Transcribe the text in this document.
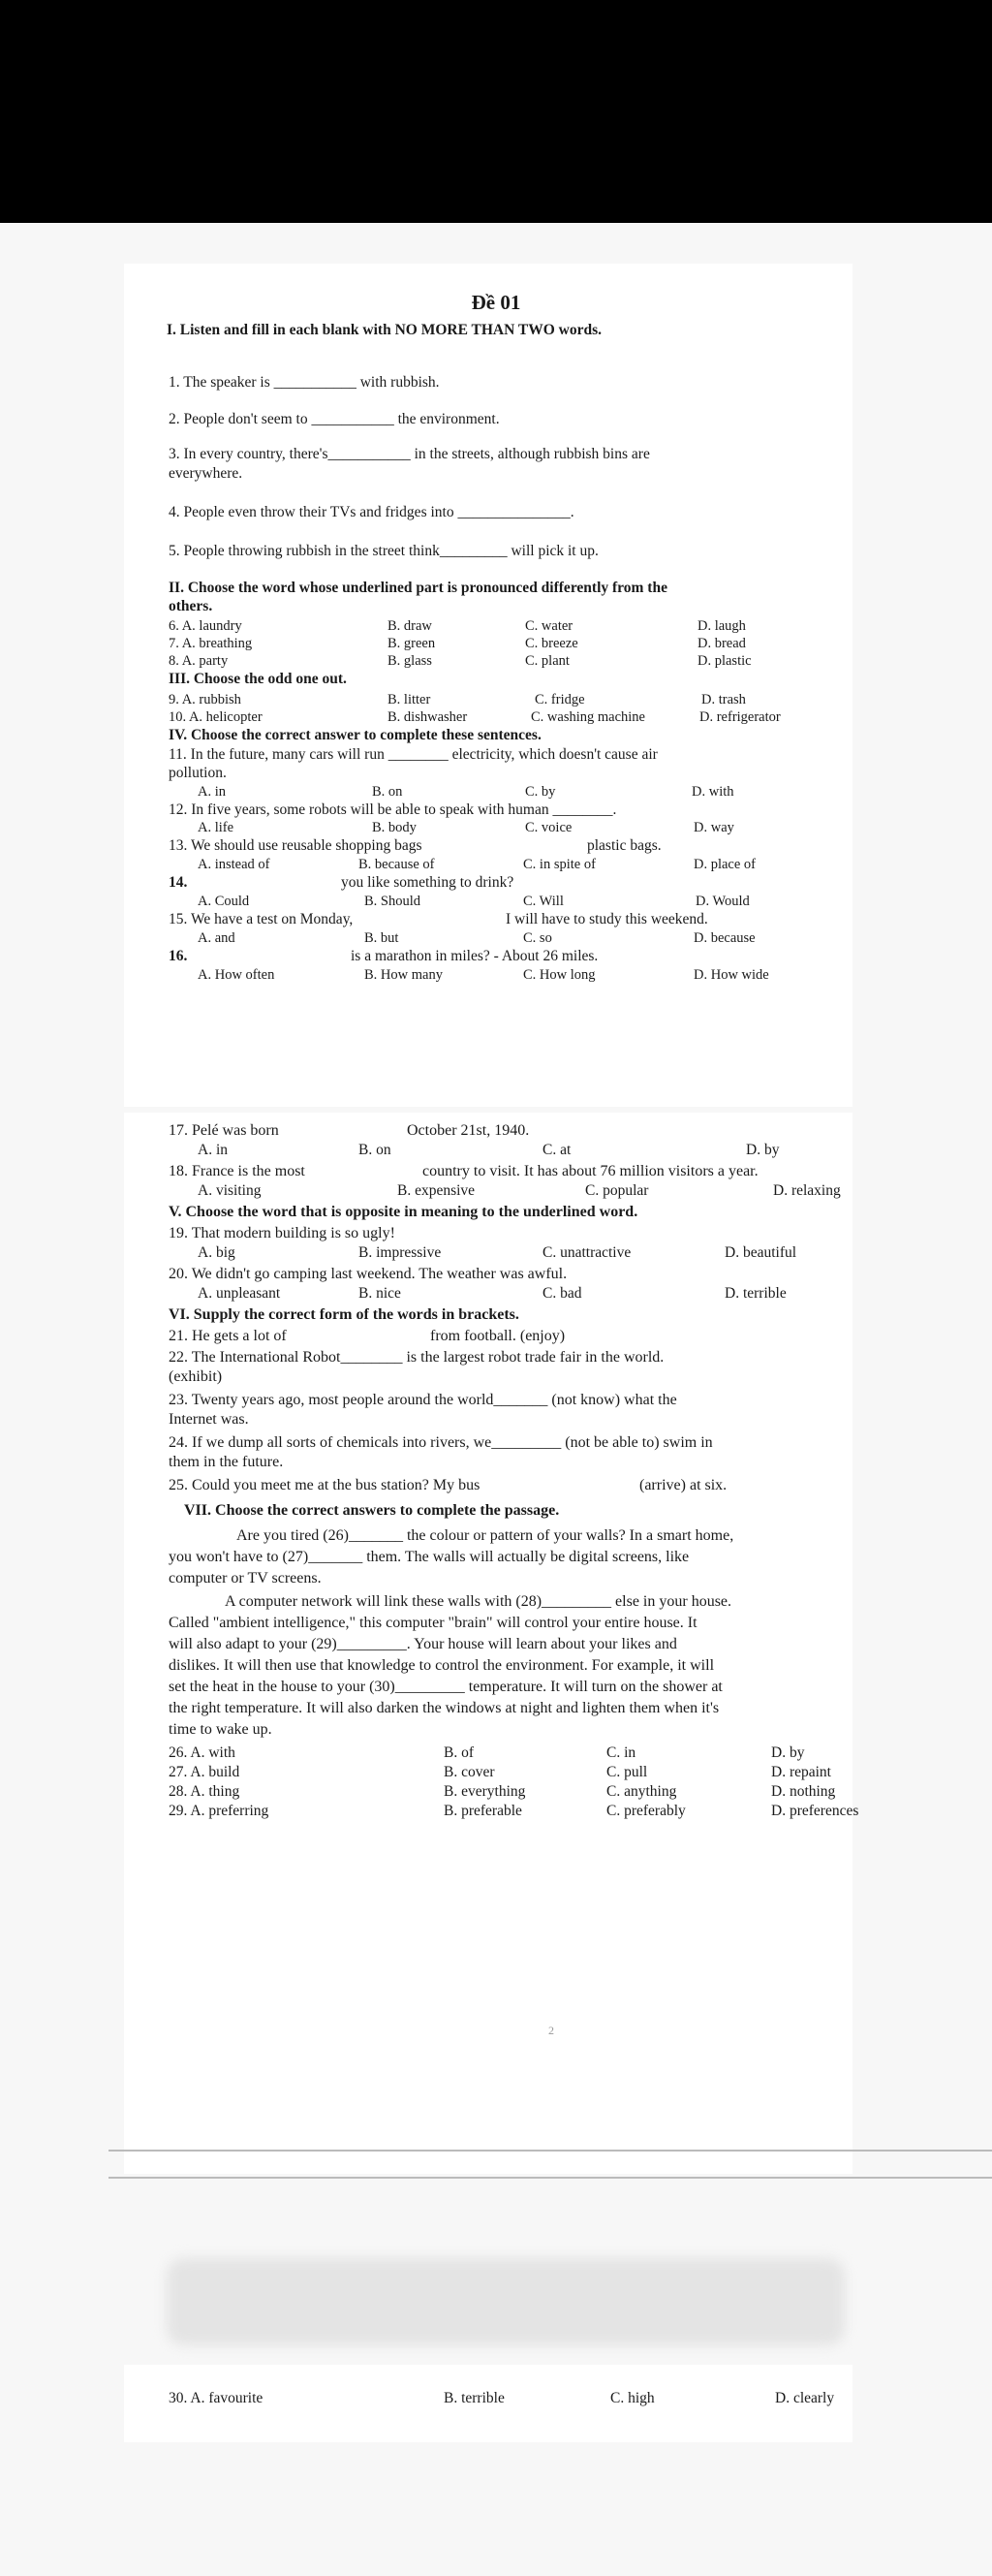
Đề 01
I. Listen and fill in each blank with NO MORE THAN TWO words.
1. The speaker is ___________ with rubbish.
2. People don't seem to ___________ the environment.
3. In every country, there's___________ in the streets, although rubbish bins are
everywhere.
4. People even throw their TVs and fridges into _______________.
5. People throwing rubbish in the street think_________ will pick it up.
II. Choose the word whose underlined part is pronounced differently from the
others.
6. A. laundry	B. draw	C. water	D. laugh
7. A. breathing	B. green	C. breeze	D. bread
8. A. party	B. glass	C. plant	D. plastic
III. Choose the odd one out.
9. A. rubbish	B. litter	C. fridge	D. trash
10. A. helicopter	B. dishwasher	C. washing machine	D. refrigerator
IV. Choose the correct answer to complete these sentences.
11. In the future, many cars will run ________ electricity, which doesn't cause air
pollution.
A. in	B. on	C. by	D. with
12. In five years, some robots will be able to speak with human ________.
A. life	B. body	C. voice	D. way
13. We should use reusable shopping bags	plastic bags.
A. instead of	B. because of	C. in spite of	D. place of
14.	you like something to drink?
A. Could	B. Should	C. Will	D. Would
15. We have a test on Monday,	I will have to study this weekend.
A. and	B. but	C. so	D. because
16.	is a marathon in miles? - About 26 miles.
A. How often	B. How many	C. How long	D. How wide
17. Pelé was born	October 21st, 1940.
A. in	B. on	C. at	D. by
18. France is the most	country to visit. It has about 76 million visitors a year.
A. visiting	B. expensive	C. popular	D. relaxing
V. Choose the word that is opposite in meaning to the underlined word.
19. That modern building is so ugly!
A. big	B. impressive	C. unattractive	D. beautiful
20. We didn't go camping last weekend. The weather was awful.
A. unpleasant	B. nice	C. bad	D. terrible
VI. Supply the correct form of the words in brackets.
21. He gets a lot of	from football. (enjoy)
22. The International Robot________ is the largest robot trade fair in the world.
(exhibit)
23. Twenty years ago, most people around the world_______ (not know) what the
Internet was.
24. If we dump all sorts of chemicals into rivers, we_________ (not be able to) swim in
them in the future.
25. Could you meet me at the bus station? My bus	(arrive) at six.
VII. Choose the correct answers to complete the passage.
Are you tired (26)_______ the colour or pattern of your walls? In a smart home,
you won't have to (27)_______ them. The walls will actually be digital screens, like
computer or TV screens.
A computer network will link these walls with (28)_________ else in your house.
Called "ambient intelligence," this computer "brain" will control your entire house. It
will also adapt to your (29)_________. Your house will learn about your likes and
dislikes. It will then use that knowledge to control the environment. For example, it will
set the heat in the house to your (30)_________ temperature. It will turn on the shower at
the right temperature. It will also darken the windows at night and lighten them when it's
time to wake up.
26. A. with	B. of	C. in	D. by
27. A. build	B. cover	C. pull	D. repaint
28. A. thing	B. everything	C. anything	D. nothing
29. A. preferring	B. preferable	C. preferably	D. preferences
2
30. A. favourite	B. terrible	C. high	D. clearly
